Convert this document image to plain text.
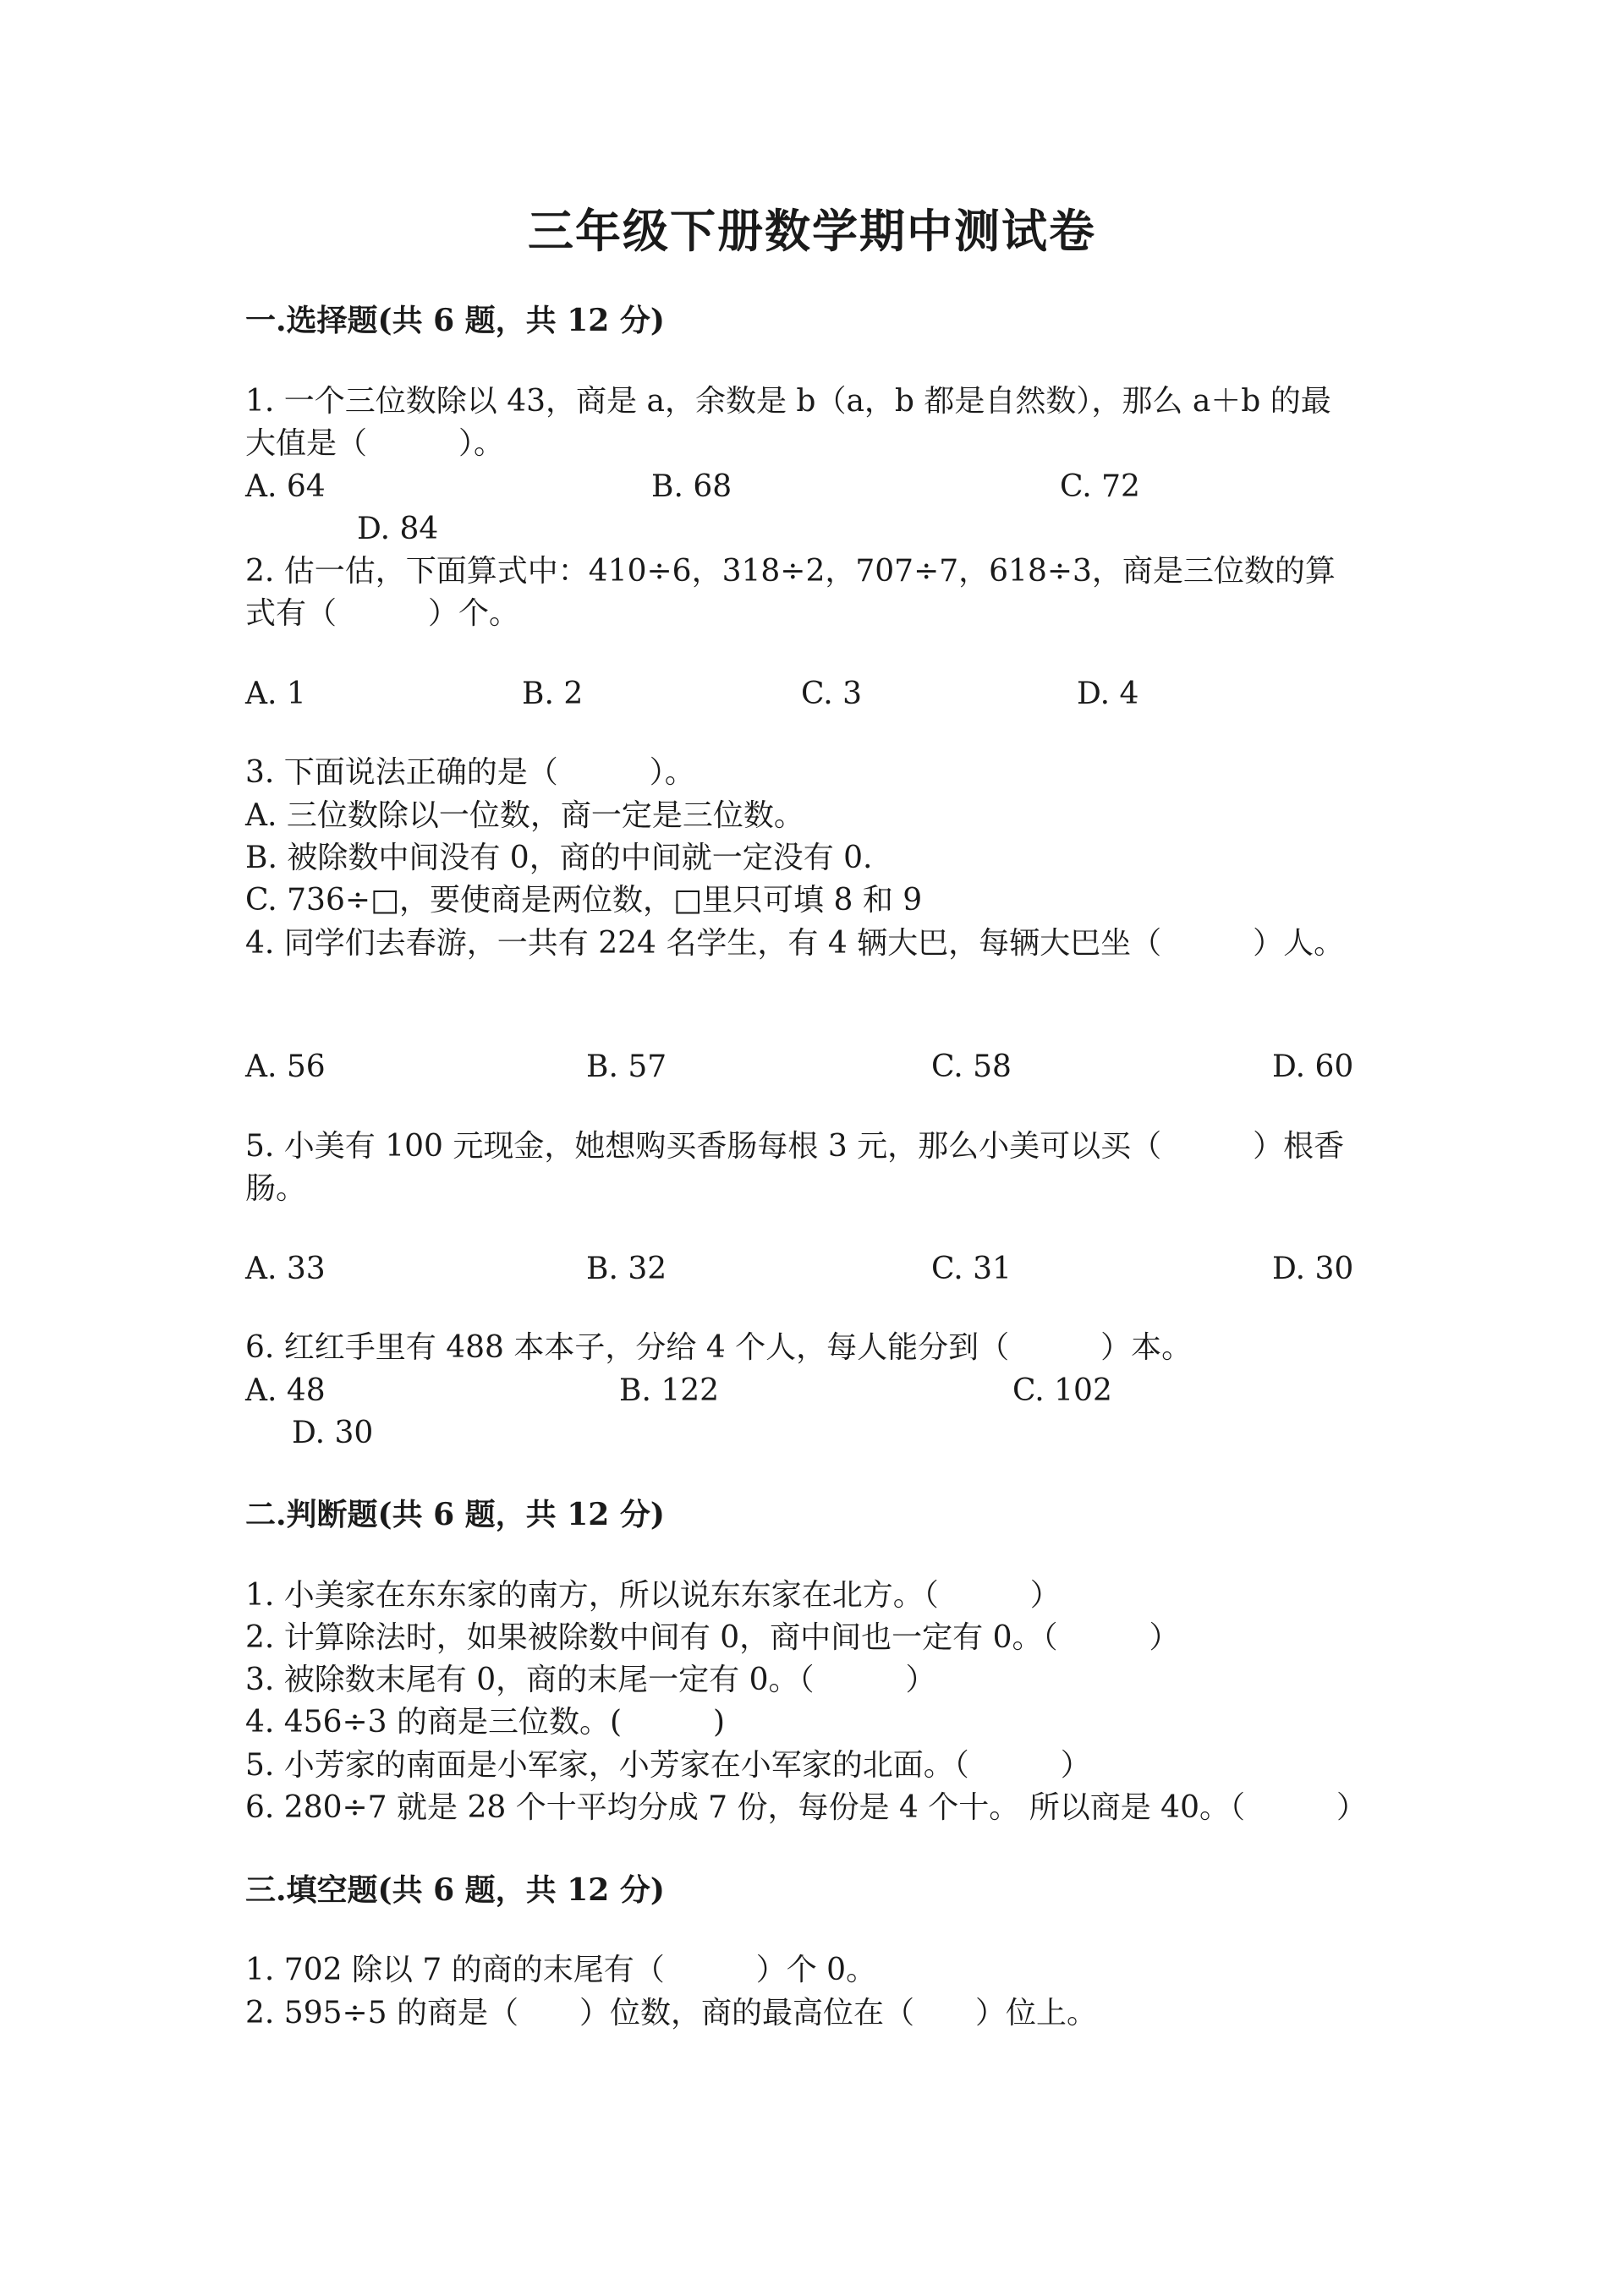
三年级下册数学期中测试卷
一.选择题(共 6 题，共 12 分)
1. 一个三位数除以 43，商是 a，余数是 b（a，b 都是自然数），那么 a＋b 的最
大值是（　　　）。
A. 64	B. 68	C. 72
D. 84
2. 估一估，下面算式中：410÷6，318÷2，707÷7，618÷3，商是三位数的算
式有（　　　）个。
A. 1	B. 2	C. 3	D. 4
3. 下面说法正确的是（　　　）。
A. 三位数除以一位数，商一定是三位数。
B. 被除数中间没有 0，商的中间就一定没有 0.
C. 736÷□，要使商是两位数，□里只可填 8 和 9
4. 同学们去春游，一共有 224 名学生，有 4 辆大巴，每辆大巴坐（　　　）人。
A. 56	B. 57	C. 58	D. 60
5. 小美有 100 元现金，她想购买香肠每根 3 元，那么小美可以买（　　　）根香
肠。
A. 33	B. 32	C. 31	D. 30
6. 红红手里有 488 本本子，分给 4 个人，每人能分到（　　　）本。
A. 48	B. 122	C. 102
D. 30
二.判断题(共 6 题，共 12 分)
1. 小美家在东东家的南方，所以说东东家在北方。（　　　）
2. 计算除法时，如果被除数中间有 0，商中间也一定有 0。（　　　）
3. 被除数末尾有 0，商的末尾一定有 0。（　　　）
4. 456÷3 的商是三位数。(　　　)
5. 小芳家的南面是小军家，小芳家在小军家的北面。（　　　）
6. 280÷7 就是 28 个十平均分成 7 份，每份是 4 个十。 所以商是 40。（　　　）
三.填空题(共 6 题，共 12 分)
1. 702 除以 7 的商的末尾有（　　　）个 0。
2. 595÷5 的商是（　　）位数，商的最高位在（　　）位上。
